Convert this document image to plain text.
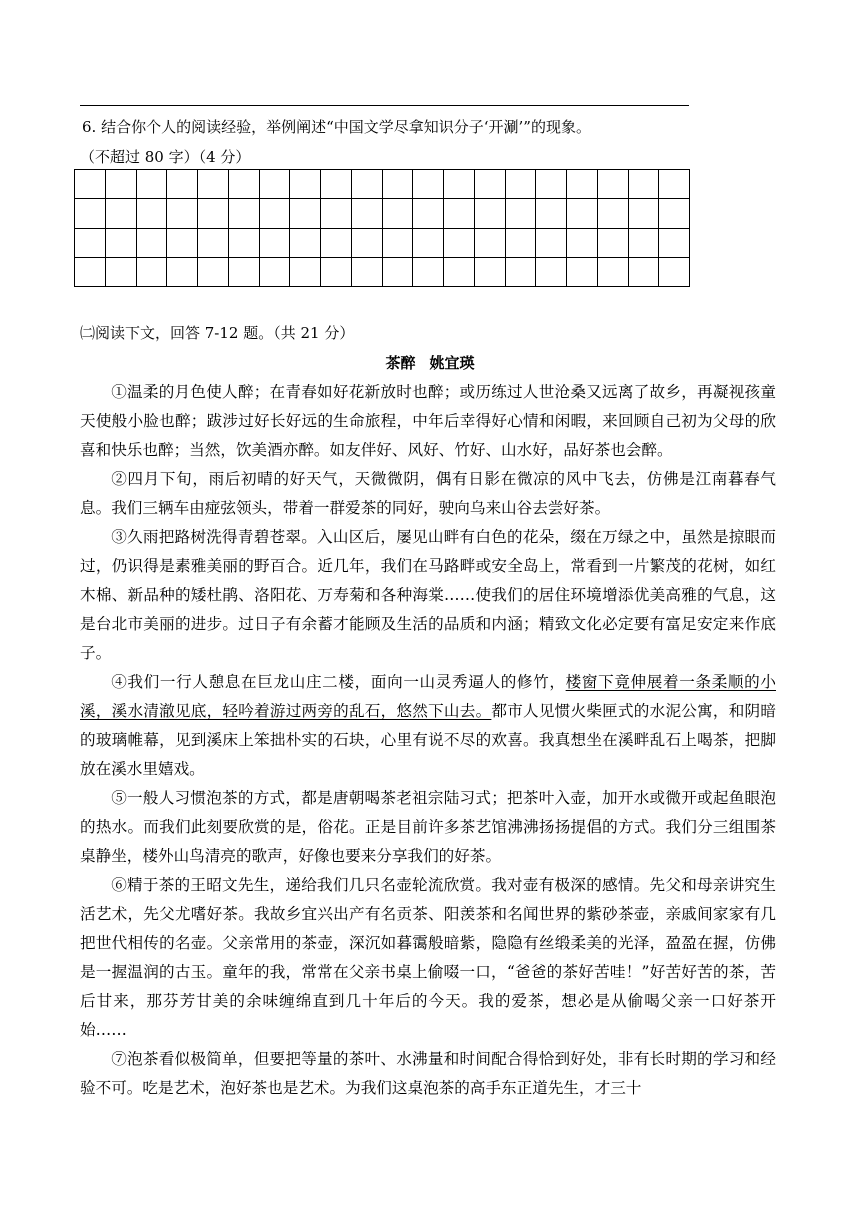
6. 结合你个人的阅读经验，举例阐述“中国文学尽拿知识分子‘开涮’”的现象。
（不超过 80 字）（4 分）
㈡阅读下文，回答 7-12 题。（共 21 分）
茶醉 姚宜瑛

①温柔的月色使人醉；在青春如好花新放时也醉；或历练过人世沧桑又远离了故乡，再凝视孩童天使般小脸也醉；跋涉过好长好远的生命旅程，中年后幸得好心情和闲暇，来回顾自己初为父母的欣喜和快乐也醉；当然，饮美酒亦醉。如友伴好、风好、竹好、山水好，品好茶也会醉。

②四月下旬，雨后初晴的好天气，天微微阴，偶有日影在微凉的风中飞去，仿佛是江南暮春气息。我们三辆车由痖弦领头，带着一群爱茶的同好，驶向乌来山谷去尝好茶。

③久雨把路树洗得青碧苍翠。入山区后，屡见山畔有白色的花朵，缀在万绿之中，虽然是掠眼而过，仍识得是素雅美丽的野百合。近几年，我们在马路畔或安全岛上，常看到一片繁茂的花树，如红木棉、新品种的矮杜鹃、洛阳花、万寿菊和各种海棠……使我们的居住环境增添优美高雅的气息，这是台北市美丽的进步。过日子有余蓄才能顾及生活的品质和内涵；精致文化必定要有富足安定来作底子。

④我们一行人憩息在巨龙山庄二楼，面向一山灵秀逼人的修竹，楼窗下竟伸展着一条柔顺的小溪，溪水清澈见底，轻吟着游过两旁的乱石，悠然下山去。都市人见惯火柴匣式的水泥公寓，和阴暗的玻璃帷幕，见到溪床上笨拙朴实的石块，心里有说不尽的欢喜。我真想坐在溪畔乱石上喝茶，把脚放在溪水里嬉戏。

⑤一般人习惯泡茶的方式，都是唐朝喝茶老祖宗陆习式；把茶叶入壶，加开水或微开或起鱼眼泡的热水。而我们此刻要欣赏的是，俗花。正是目前许多茶艺馆沸沸扬扬提倡的方式。我们分三组围茶桌静坐，楼外山鸟清亮的歌声，好像也要来分享我们的好茶。

⑥精于茶的王昭文先生，递给我们几只名壶轮流欣赏。我对壶有极深的感情。先父和母亲讲究生活艺术，先父尤嗜好茶。我故乡宜兴出产有名贡茶、阳羡茶和名闻世界的紫砂茶壶，亲戚间家家有几把世代相传的名壶。父亲常用的茶壶，深沉如暮霭般暗紫，隐隐有丝缎柔美的光泽，盈盈在握，仿佛是一握温润的古玉。童年的我，常常在父亲书桌上偷啜一口，“爸爸的茶好苦哇！”好苦好苦的茶，苦后甘来，那芬芳甘美的余味缠绵直到几十年后的今天。我的爱茶，想必是从偷喝父亲一口好茶开始……

⑦泡茶看似极简单，但要把等量的茶叶、水沸量和时间配合得恰到好处，非有长时期的学习和经验不可。吃是艺术，泡好茶也是艺术。为我们这桌泡茶的高手东正道先生，才三十
